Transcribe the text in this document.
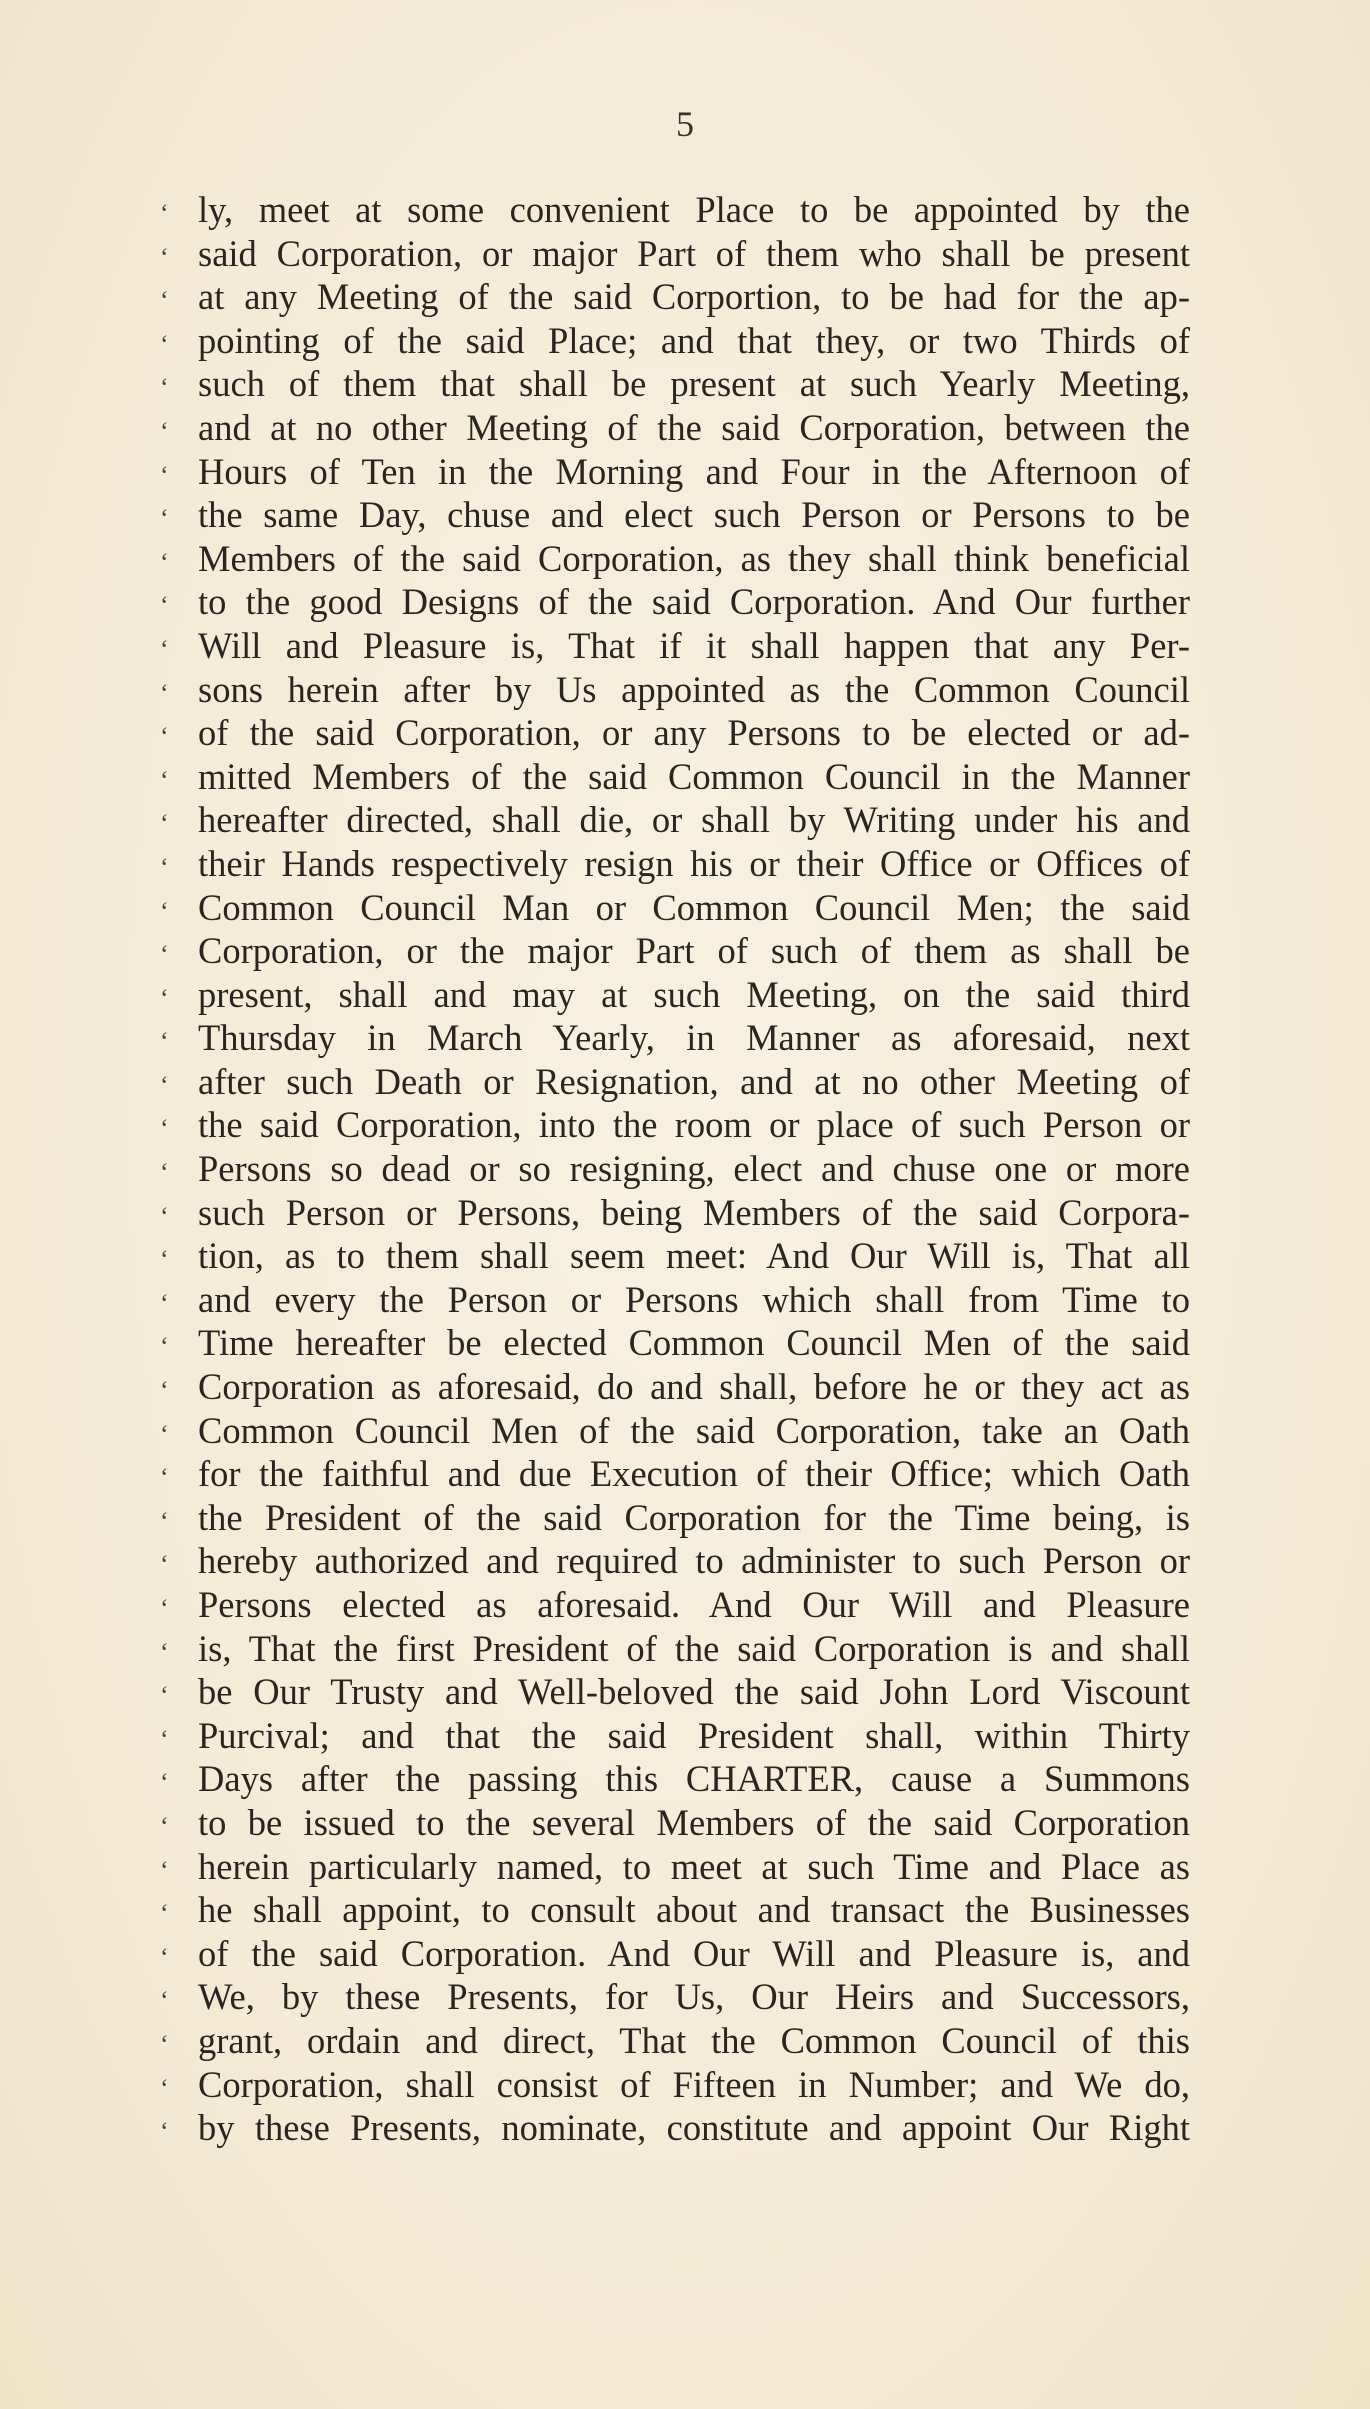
5
‘ ly, meet at some convenient Place to be appointed by the
‘ said Corporation, or major Part of them who shall be present
‘ at any Meeting of the said Corportion, to be had for the ap-
‘ pointing of the said Place; and that they, or two Thirds of
‘ such of them that shall be present at such Yearly Meeting,
‘ and at no other Meeting of the said Corporation, between the
‘ Hours of Ten in the Morning and Four in the Afternoon of
‘ the same Day, chuse and elect such Person or Persons to be
‘ Members of the said Corporation, as they shall think beneficial
‘ to the good Designs of the said Corporation. And Our further
‘ Will and Pleasure is, That if it shall happen that any Per-
‘ sons herein after by Us appointed as the Common Council
‘ of the said Corporation, or any Persons to be elected or ad-
‘ mitted Members of the said Common Council in the Manner
‘ hereafter directed, shall die, or shall by Writing under his and
‘ their Hands respectively resign his or their Office or Offices of
‘ Common Council Man or Common Council Men; the said
‘ Corporation, or the major Part of such of them as shall be
‘ present, shall and may at such Meeting, on the said third
‘ Thursday in March Yearly, in Manner as aforesaid, next
‘ after such Death or Resignation, and at no other Meeting of
‘ the said Corporation, into the room or place of such Person or
‘ Persons so dead or so resigning, elect and chuse one or more
‘ such Person or Persons, being Members of the said Corpora-
‘ tion, as to them shall seem meet: And Our Will is, That all
‘ and every the Person or Persons which shall from Time to
‘ Time hereafter be elected Common Council Men of the said
‘ Corporation as aforesaid, do and shall, before he or they act as
‘ Common Council Men of the said Corporation, take an Oath
‘ for the faithful and due Execution of their Office; which Oath
‘ the President of the said Corporation for the Time being, is
‘ hereby authorized and required to administer to such Person or
‘ Persons elected as aforesaid. And Our Will and Pleasure
‘ is, That the first President of the said Corporation is and shall
‘ be Our Trusty and Well-beloved the said John Lord Viscount
‘ Purcival; and that the said President shall, within Thirty
‘ Days after the passing this CHARTER, cause a Summons
‘ to be issued to the several Members of the said Corporation
‘ herein particularly named, to meet at such Time and Place as
‘ he shall appoint, to consult about and transact the Businesses
‘ of the said Corporation. And Our Will and Pleasure is, and
‘ We, by these Presents, for Us, Our Heirs and Successors,
‘ grant, ordain and direct, That the Common Council of this
‘ Corporation, shall consist of Fifteen in Number; and We do,
‘ by these Presents, nominate, constitute and appoint Our Right
